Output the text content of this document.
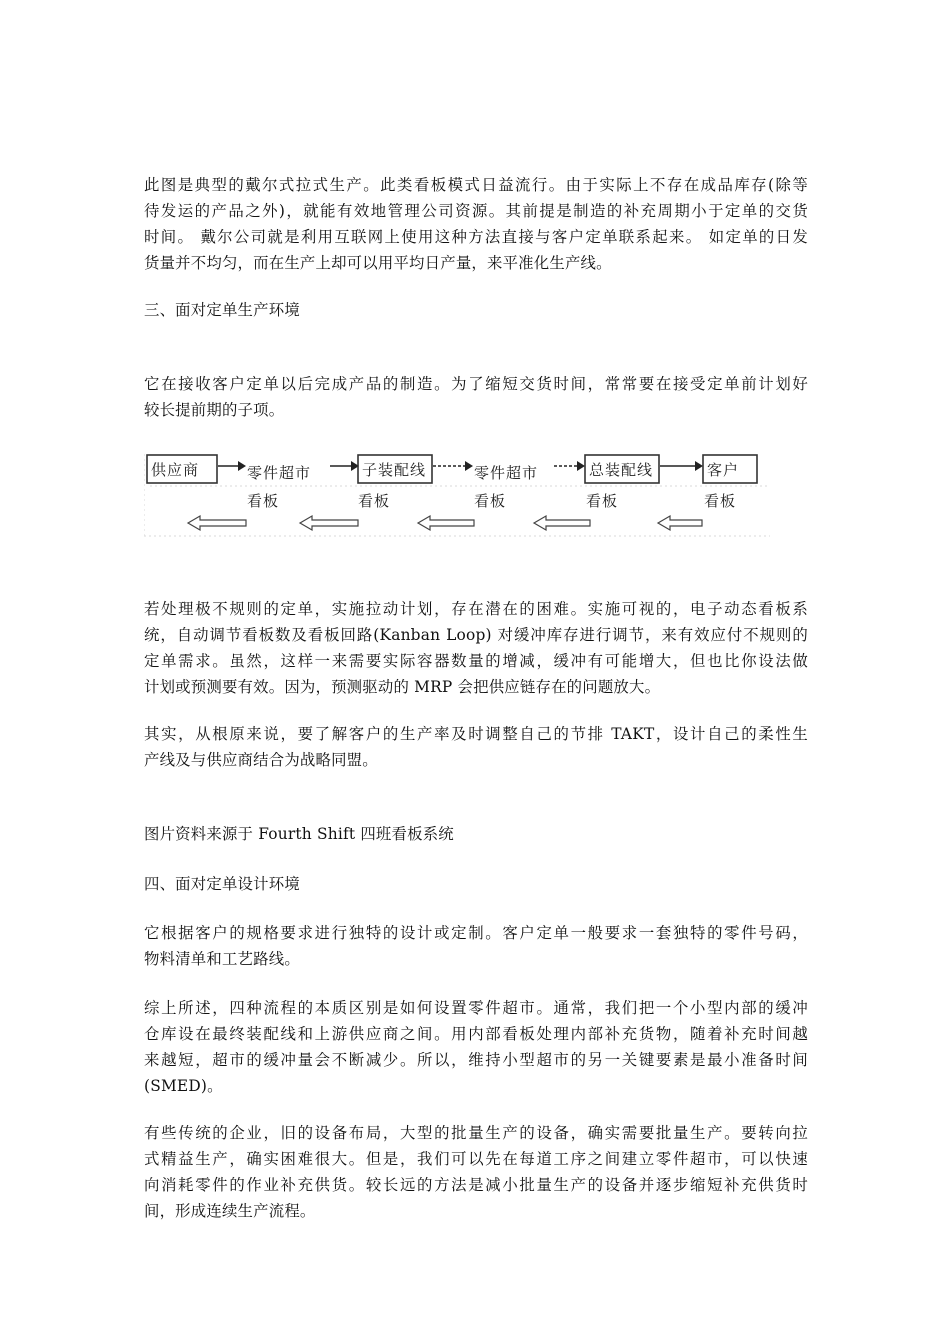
此图是典型的戴尔式拉式生产。此类看板模式日益流行。由于实际上不存在成品库存(除等
待发运的产品之外)，就能有效地管理公司资源。其前提是制造的补充周期小于定单的交货
时间。 戴尔公司就是利用互联网上使用这种方法直接与客户定单联系起来。 如定单的日发
货量并不均匀，而在生产上却可以用平均日产量，来平准化生产线。
三、面对定单生产环境
它在接收客户定单以后完成产品的制造。为了缩短交货时间，常常要在接受定单前计划好
较长提前期的子项。
供应商	零件超市
看板
子装配线
看板
零件超市
看板
总装配线
看板
客户
看板
若处理极不规则的定单，实施拉动计划，存在潜在的困难。实施可视的，电子动态看板系
统，自动调节看板数及看板回路(Kanban Loop) 对缓冲库存进行调节，来有效应付不规则的
定单需求。虽然，这样一来需要实际容器数量的增减，缓冲有可能增大，但也比你设法做
计划或预测要有效。因为，预测驱动的 MRP 会把供应链存在的问题放大。
其实，从根原来说，要了解客户的生产率及时调整自己的节排 TAKT，设计自己的柔性生
产线及与供应商结合为战略同盟。
图片资料来源于 Fourth Shift 四班看板系统
四、面对定单设计环境
它根据客户的规格要求进行独特的设计或定制。客户定单一般要求一套独特的零件号码，
物料清单和工艺路线。
综上所述，四种流程的本质区别是如何设置零件超市。通常，我们把一个小型内部的缓冲
仓库设在最终装配线和上游供应商之间。用内部看板处理内部补充货物，随着补充时间越
来越短，超市的缓冲量会不断减少。所以，维持小型超市的另一关键要素是最小准备时间
(SMED)。
有些传统的企业，旧的设备布局，大型的批量生产的设备，确实需要批量生产。要转向拉
式精益生产，确实困难很大。但是，我们可以先在每道工序之间建立零件超市，可以快速
向消耗零件的作业补充供货。较长远的方法是减小批量生产的设备并逐步缩短补充供货时
间，形成连续生产流程。
